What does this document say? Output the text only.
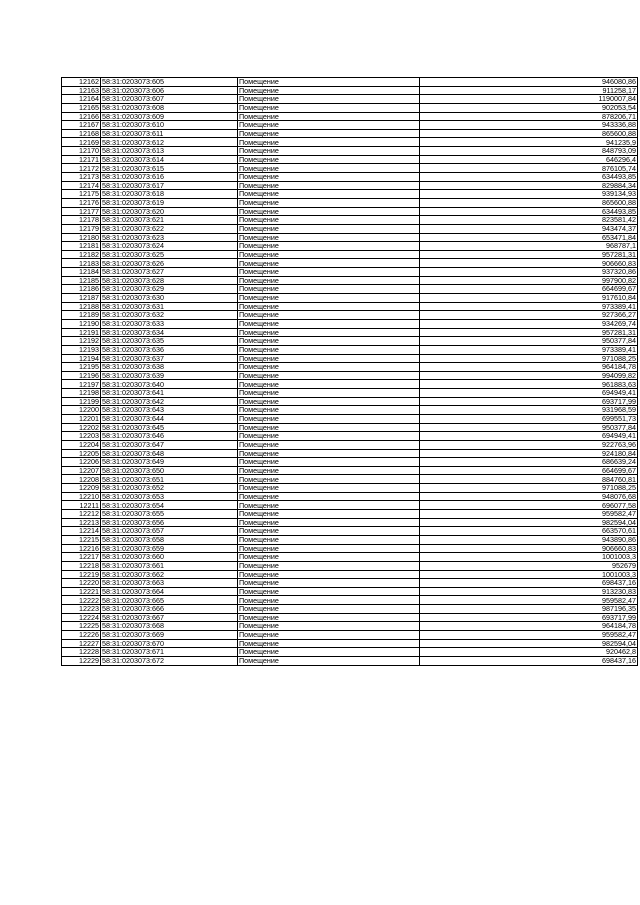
12162	58:31:0203073:605	Помещение	946080,86
12163	58:31:0203073:606	Помещение	911258,17
12164	58:31:0203073:607	Помещение	1190007,84
12165	58:31:0203073:608	Помещение	902053,54
12166	58:31:0203073:609	Помещение	878206,71
12167	58:31:0203073:610	Помещение	943336,88
12168	58:31:0203073:611	Помещение	865600,88
12169	58:31:0203073:612	Помещение	941235,9
12170	58:31:0203073:613	Помещение	848793,09
12171	58:31:0203073:614	Помещение	646296,4
12172	58:31:0203073:615	Помещение	876105,74
12173	58:31:0203073:616	Помещение	634493,85
12174	58:31:0203073:617	Помещение	829884,34
12175	58:31:0203073:618	Помещение	939134,93
12176	58:31:0203073:619	Помещение	865600,88
12177	58:31:0203073:620	Помещение	634493,85
12178	58:31:0203073:621	Помещение	823581,42
12179	58:31:0203073:622	Помещение	943474,37
12180	58:31:0203073:623	Помещение	653471,84
12181	58:31:0203073:624	Помещение	968787,1
12182	58:31:0203073:625	Помещение	957281,31
12183	58:31:0203073:626	Помещение	906660,83
12184	58:31:0203073:627	Помещение	937320,86
12185	58:31:0203073:628	Помещение	997900,82
12186	58:31:0203073:629	Помещение	664699,67
12187	58:31:0203073:630	Помещение	917610,84
12188	58:31:0203073:631	Помещение	973389,41
12189	58:31:0203073:632	Помещение	927366,27
12190	58:31:0203073:633	Помещение	934269,74
12191	58:31:0203073:634	Помещение	957281,31
12192	58:31:0203073:635	Помещение	950377,84
12193	58:31:0203073:636	Помещение	973389,41
12194	58:31:0203073:637	Помещение	971088,25
12195	58:31:0203073:638	Помещение	964184,78
12196	58:31:0203073:639	Помещение	994099,82
12197	58:31:0203073:640	Помещение	961883,63
12198	58:31:0203073:641	Помещение	694949,41
12199	58:31:0203073:642	Помещение	693717,99
12200	58:31:0203073:643	Помещение	931968,59
12201	58:31:0203073:644	Помещение	699551,73
12202	58:31:0203073:645	Помещение	950377,84
12203	58:31:0203073:646	Помещение	694949,41
12204	58:31:0203073:647	Помещение	922763,96
12205	58:31:0203073:648	Помещение	924180,84
12206	58:31:0203073:649	Помещение	686639,24
12207	58:31:0203073:650	Помещение	664699,67
12208	58:31:0203073:651	Помещение	884760,81
12209	58:31:0203073:652	Помещение	971088,25
12210	58:31:0203073:653	Помещение	948076,68
12211	58:31:0203073:654	Помещение	696077,58
12212	58:31:0203073:655	Помещение	959582,47
12213	58:31:0203073:656	Помещение	982594,04
12214	58:31:0203073:657	Помещение	663570,61
12215	58:31:0203073:658	Помещение	943890,86
12216	58:31:0203073:659	Помещение	906660,83
12217	58:31:0203073:660	Помещение	1001003,3
12218	58:31:0203073:661	Помещение	952679
12219	58:31:0203073:662	Помещение	1001003,3
12220	58:31:0203073:663	Помещение	698437,16
12221	58:31:0203073:664	Помещение	913230,83
12222	58:31:0203073:665	Помещение	959582,47
12223	58:31:0203073:666	Помещение	987196,35
12224	58:31:0203073:667	Помещение	693717,99
12225	58:31:0203073:668	Помещение	964184,78
12226	58:31:0203073:669	Помещение	959582,47
12227	58:31:0203073:670	Помещение	982594,04
12228	58:31:0203073:671	Помещение	920462,8
12229	58:31:0203073:672	Помещение	698437,16
